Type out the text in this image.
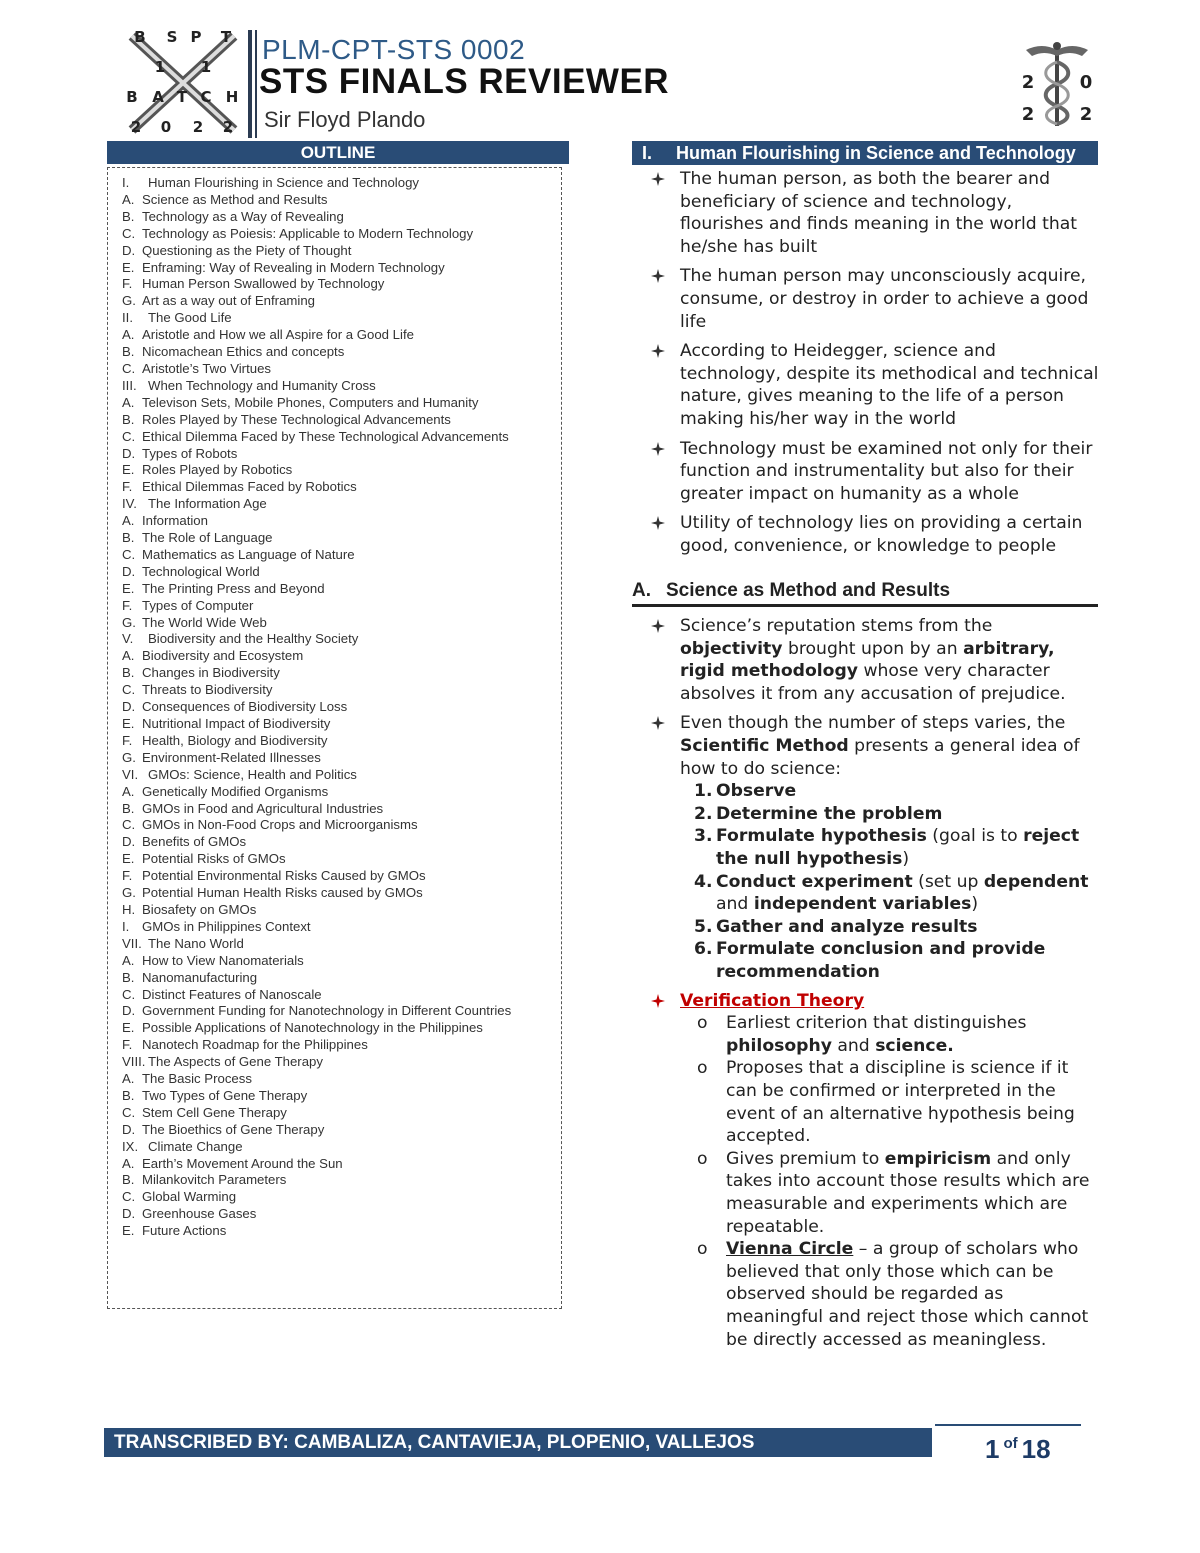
B S P T
1 1
B A T C H
2 0 2 2
PLM-CPT-STS 0002
STS FINALS REVIEWER
Sir Floyd Plando
2	0
2	2
OUTLINE
I.	Human Flourishing in Science and Technology
A. Science as Method and Results
B. Technology as a Way of Revealing
C. Technology as Poiesis: Applicable to Modern Technology
D. Questioning as the Piety of Thought
E. Enframing: Way of Revealing in Modern Technology
F. Human Person Swallowed by Technology
G. Art as a way out of Enframing
II.	The Good Life
A. Aristotle and How we all Aspire for a Good Life
B. Nicomachean Ethics and concepts
C. Aristotle’s Two Virtues
III. When Technology and Humanity Cross
A. Televison Sets, Mobile Phones, Computers and Humanity
B. Roles Played by These Technological Advancements
C. Ethical Dilemma Faced by These Technological Advancements
D. Types of Robots
E. Roles Played by Robotics
F. Ethical Dilemmas Faced by Robotics
IV. The Information Age
A. Information
B. The Role of Language
C. Mathematics as Language of Nature
D. Technological World
E. The Printing Press and Beyond
F. Types of Computer
G. The World Wide Web
V.	Biodiversity and the Healthy Society
A. Biodiversity and Ecosystem
B. Changes in Biodiversity
C. Threats to Biodiversity
D. Consequences of Biodiversity Loss
E. Nutritional Impact of Biodiversity
F. Health, Biology and Biodiversity
G. Environment-Related Illnesses
VI. GMOs: Science, Health and Politics
A. Genetically Modified Organisms
B. GMOs in Food and Agricultural Industries
C. GMOs in Non-Food Crops and Microorganisms
D. Benefits of GMOs
E. Potential Risks of GMOs
F. Potential Environmental Risks Caused by GMOs
G. Potential Human Health Risks caused by GMOs
H. Biosafety on GMOs
I. GMOs in Philippines Context
VII. The Nano World
A. How to View Nanomaterials
B. Nanomanufacturing
C. Distinct Features of Nanoscale
D. Government Funding for Nanotechnology in Different Countries
E. Possible Applications of Nanotechnology in the Philippines
F. Nanotech Roadmap for the Philippines
VIII. The Aspects of Gene Therapy
A. The Basic Process
B. Two Types of Gene Therapy
C. Stem Cell Gene Therapy
D. The Bioethics of Gene Therapy
IX. Climate Change
A. Earth’s Movement Around the Sun
B. Milankovitch Parameters
C. Global Warming
D. Greenhouse Gases
E. Future Actions
I. Human Flourishing in Science and Technology
The human person, as both the bearer and beneficiary of science and technology, flourishes and finds meaning in the world that he/she has built
The human person may unconsciously acquire, consume, or destroy in order to achieve a good life
According to Heidegger, science and technology, despite its methodical and technical nature, gives meaning to the life of a person making his/her way in the world
Technology must be examined not only for their function and instrumentality but also for their greater impact on humanity as a whole
Utility of technology lies on providing a certain good, convenience, or knowledge to people
A. Science as Method and Results
Science’s reputation stems from the objectivity brought upon by an arbitrary, rigid methodology whose very character absolves it from any accusation of prejudice.
Even though the number of steps varies, the Scientific Method presents a general idea of how to do science:
1. Observe
2. Determine the problem
3. Formulate hypothesis (goal is to reject the null hypothesis)
4. Conduct experiment (set up dependent and independent variables)
5. Gather and analyze results
6. Formulate conclusion and provide recommendation
Verification Theory
o Earliest criterion that distinguishes philosophy and science.
o Proposes that a discipline is science if it can be confirmed or interpreted in the event of an alternative hypothesis being accepted.
o Gives premium to empiricism and only takes into account those results which are measurable and experiments which are repeatable.
o Vienna Circle – a group of scholars who believed that only those which can be observed should be regarded as meaningful and reject those which cannot be directly accessed as meaningless.
TRANSCRIBED BY: CAMBALIZA, CANTAVIEJA, PLOPENIO, VALLEJOS	1 $^{of}$ 18
